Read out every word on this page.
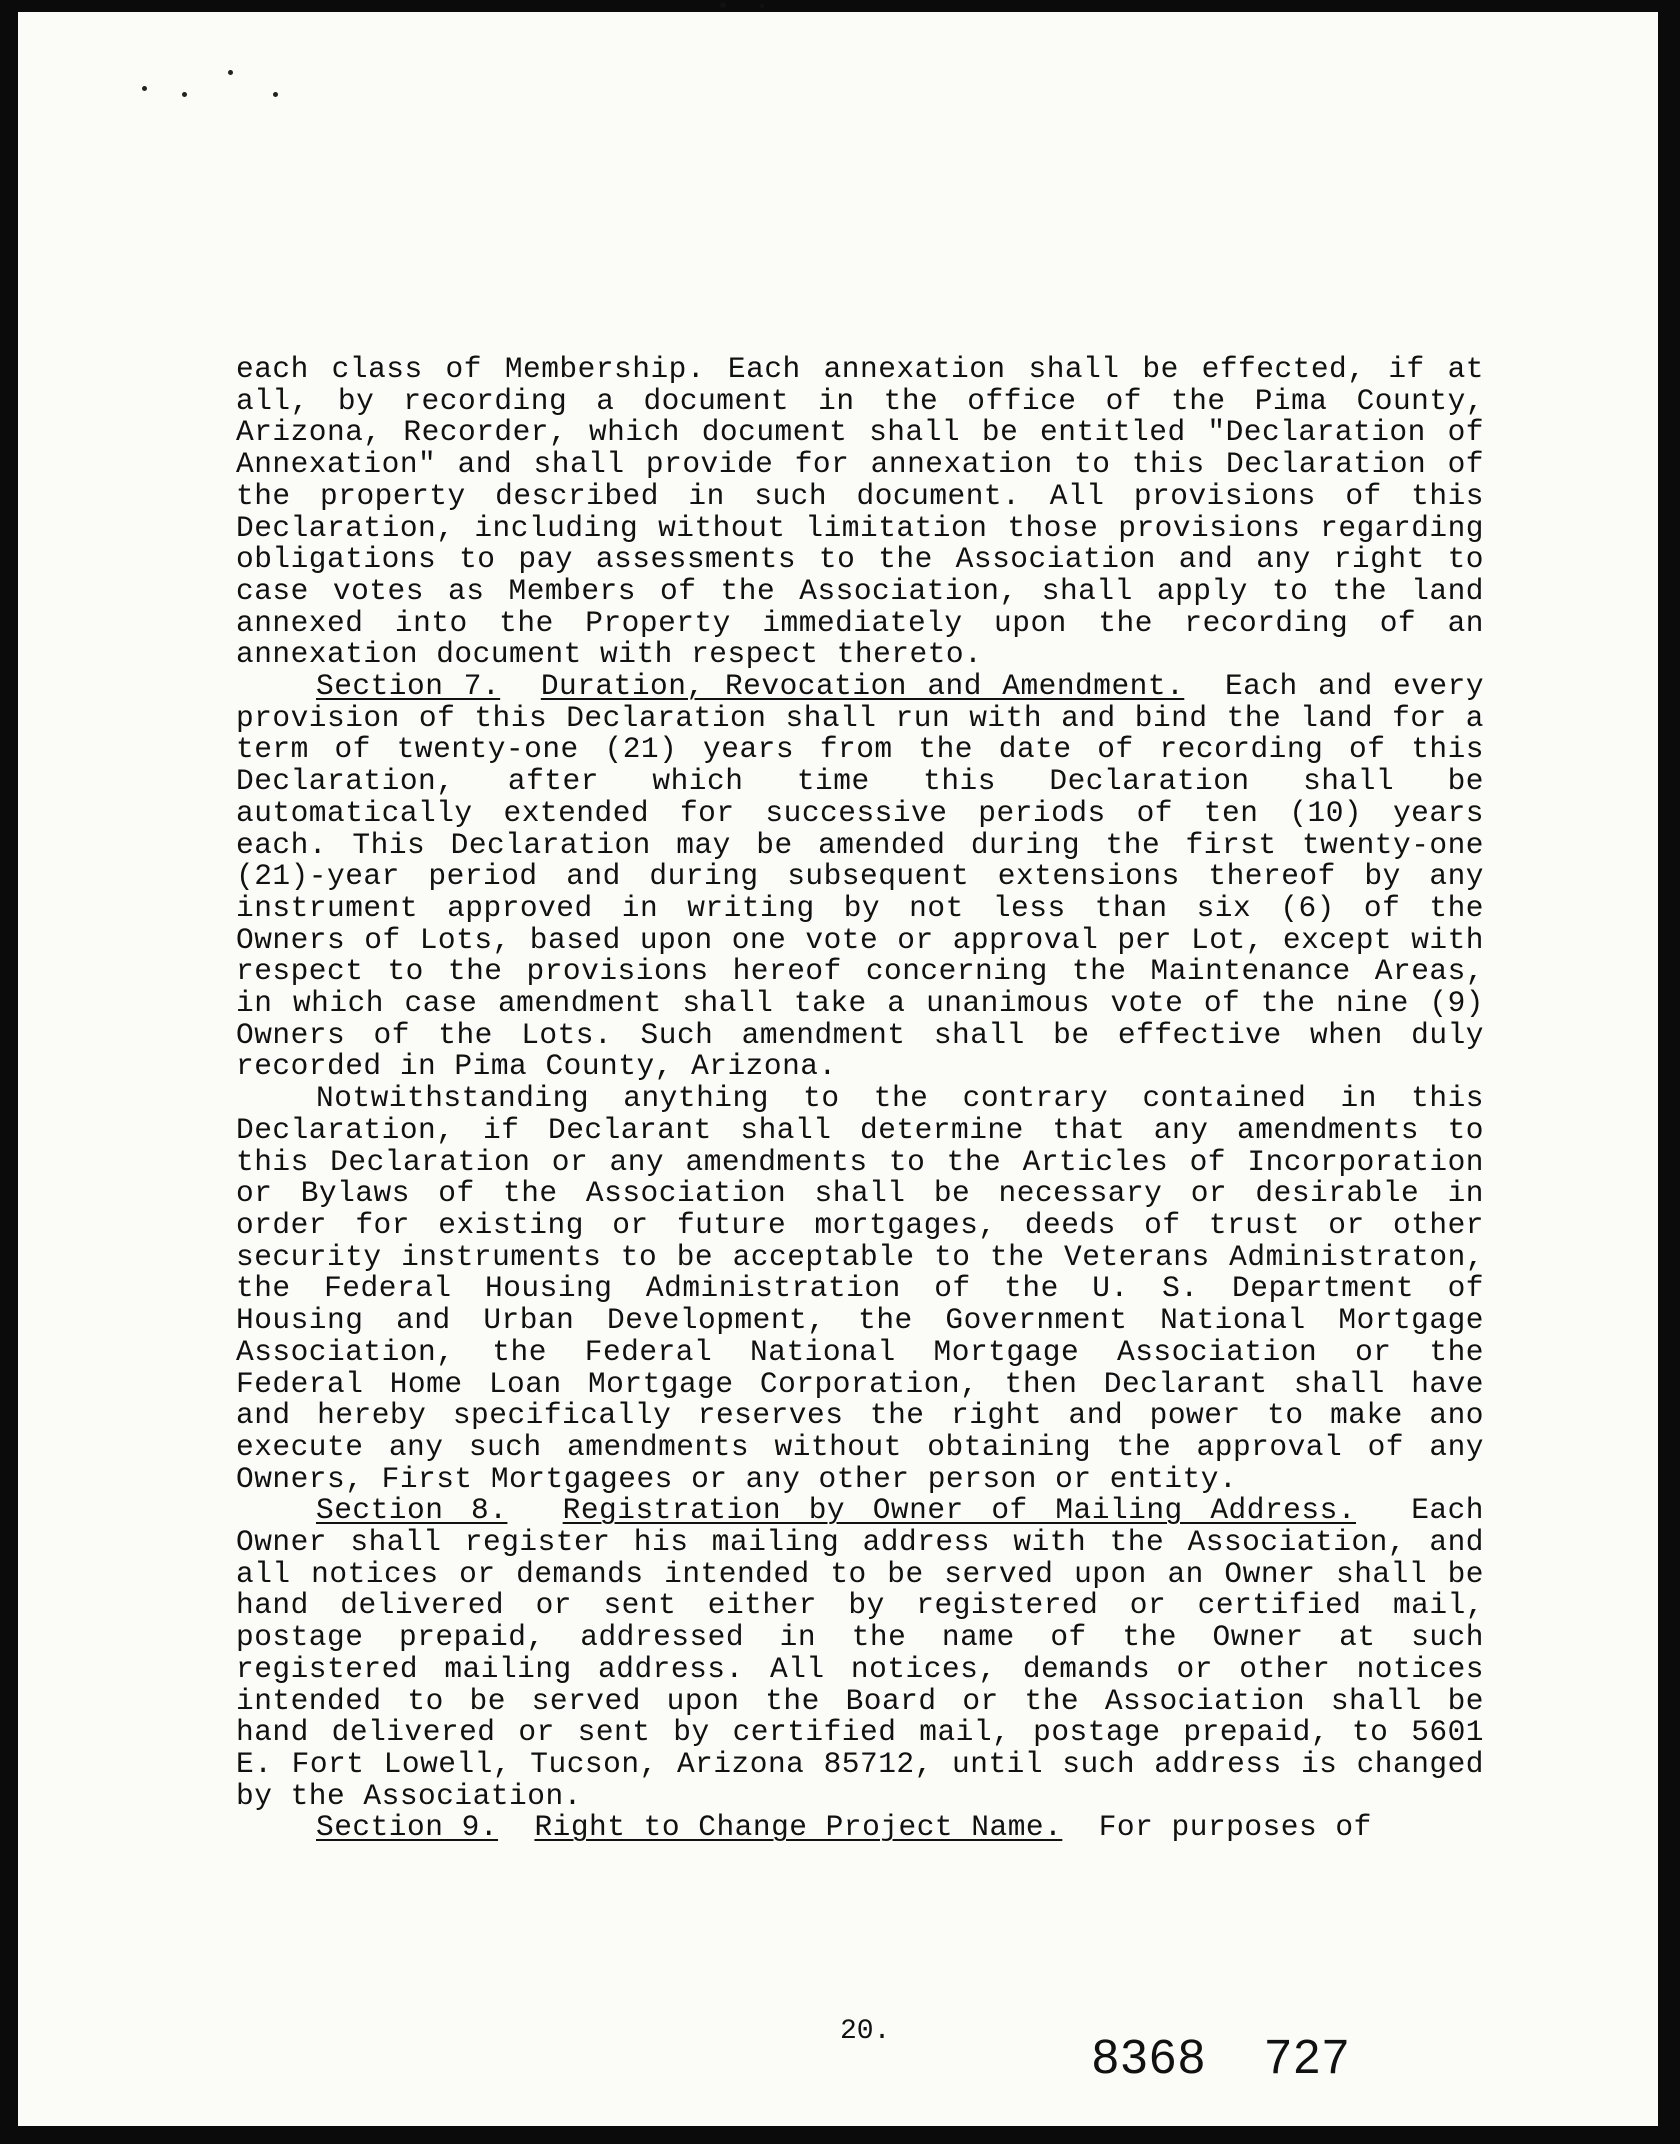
each class of Membership. Each annexation shall be effected, if at all, by recording a document in the office of the Pima County, Arizona, Recorder, which document shall be entitled "Declaration of Annexation" and shall provide for annexation to this Declaration of the property described in such document. All provisions of this Declaration, including without limitation those provisions regarding obligations to pay assessments to the Association and any right to case votes as Members of the Association, shall apply to the land annexed into the Property immediately upon the recording of an annexation document with respect thereto.

Section 7. Duration, Revocation and Amendment. Each and every provision of this Declaration shall run with and bind the land for a term of twenty-one (21) years from the date of recording of this Declaration, after which time this Declaration shall be automatically extended for successive periods of ten (10) years each. This Declaration may be amended during the first twenty-one (21)-year period and during subsequent extensions thereof by any instrument approved in writing by not less than six (6) of the Owners of Lots, based upon one vote or approval per Lot, except with respect to the provisions hereof concerning the Maintenance Areas, in which case amendment shall take a unanimous vote of the nine (9) Owners of the Lots. Such amendment shall be effective when duly recorded in Pima County, Arizona.

Notwithstanding anything to the contrary contained in this Declaration, if Declarant shall determine that any amendments to this Declaration or any amendments to the Articles of Incorporation or Bylaws of the Association shall be necessary or desirable in order for existing or future mortgages, deeds of trust or other security instruments to be acceptable to the Veterans Administraton, the Federal Housing Administration of the U. S. Department of Housing and Urban Development, the Government National Mortgage Association, the Federal National Mortgage Association or the Federal Home Loan Mortgage Corporation, then Declarant shall have and hereby specifically reserves the right and power to make ano execute any such amendments without obtaining the approval of any Owners, First Mortgagees or any other person or entity.

Section 8. Registration by Owner of Mailing Address. Each Owner shall register his mailing address with the Association, and all notices or demands intended to be served upon an Owner shall be hand delivered or sent either by registered or certified mail, postage prepaid, addressed in the name of the Owner at such registered mailing address. All notices, demands or other notices intended to be served upon the Board or the Association shall be hand delivered or sent by certified mail, postage prepaid, to 5601 E. Fort Lowell, Tucson, Arizona 85712, until such address is changed by the Association.

Section 9. Right to Change Project Name. For purposes of

20.	8368 727
